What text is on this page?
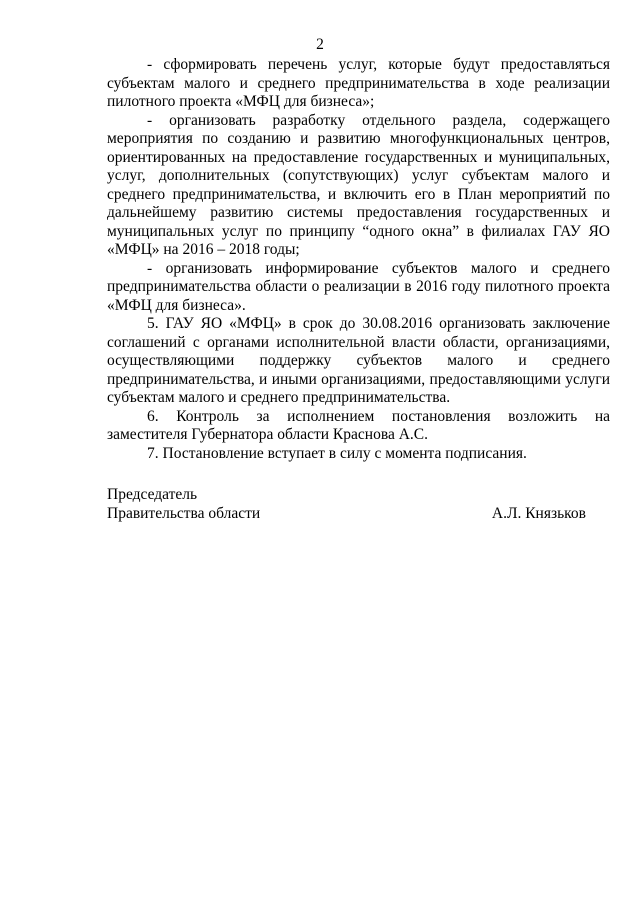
2

- сформировать перечень услуг, которые будут предоставляться субъектам малого и среднего предпринимательства в ходе реализации пилотного проекта «МФЦ для бизнеса»;

- организовать разработку отдельного раздела, содержащего мероприятия по созданию и развитию многофункциональных центров, ориентированных на предоставление государственных и муниципальных, услуг, дополнительных (сопутствующих) услуг субъектам малого и среднего предпринимательства, и включить его в План мероприятий по дальнейшему развитию системы предоставления государственных и муниципальных услуг по принципу “одного окна” в филиалах ГАУ ЯО «МФЦ» на 2016 – 2018 годы;

- организовать информирование субъектов малого и среднего предпринимательства области о реализации в 2016 году пилотного проекта «МФЦ для бизнеса».

5. ГАУ ЯО «МФЦ» в срок до 30.08.2016 организовать заключение соглашений с органами исполнительной власти области, организациями, осуществляющими поддержку субъектов малого и среднего предпринимательства, и иными организациями, предоставляющими услуги субъектам малого и среднего предпринимательства.

6. Контроль за исполнением постановления возложить на заместителя Губернатора области Краснова А.С.

7. Постановление вступает в силу с момента подписания.

Председатель

Правительства области	А.Л. Князьков
